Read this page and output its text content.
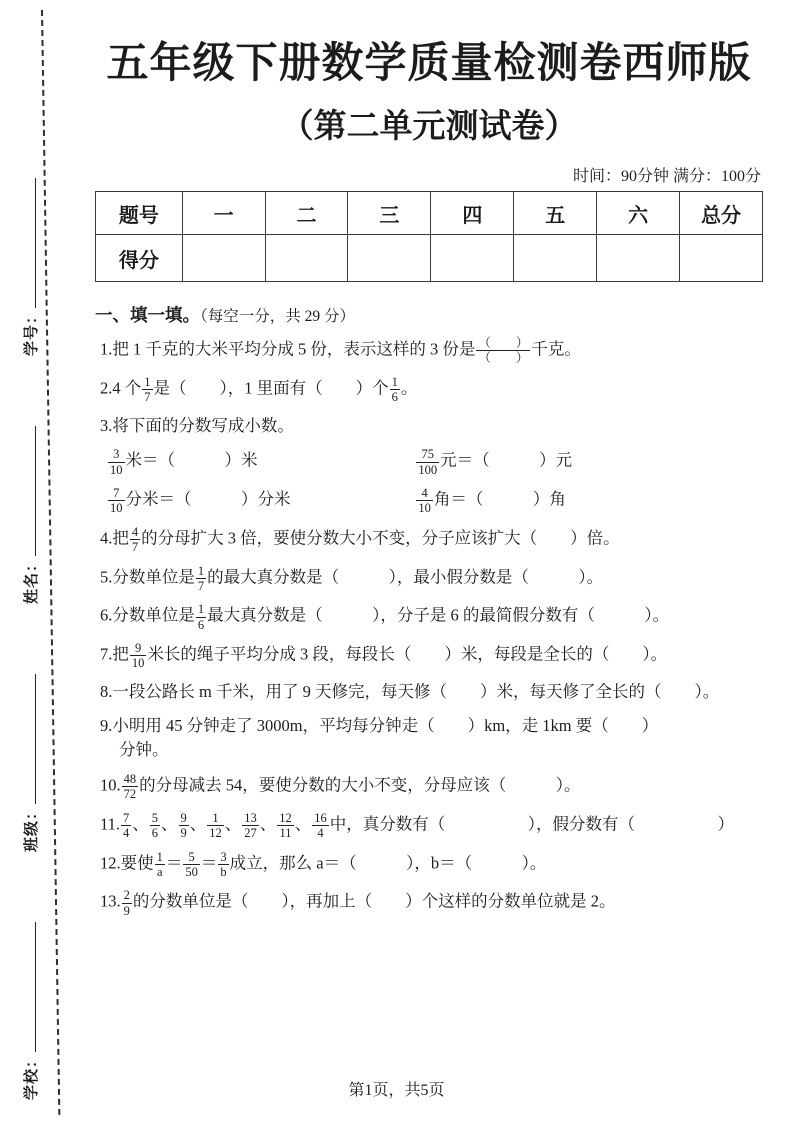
学校：
班级：
姓名：
学号：
五年级下册数学质量检测卷西师版
（第二单元测试卷）
时间：90分钟 满分：100分
题号	一	二	三	四	五	六	总分
得分							
一、填一填。（每空一分，共 29 分）
1.把 1 千克的大米平均分成 5 份，表示这样的 3 份是 $\frac{( )}{( )}$ 千克。
2.4 个 $\frac{1}{7}$ 是（　　），1 里面有（　　）个 $\frac{1}{6}$ 。
3.将下面的分数写成小数。
$\frac{3}{10}$ 米＝（　　　）米	$\frac{75}{100}$ 元＝（　　　）元
$\frac{7}{10}$ 分米＝（　　　）分米	$\frac{4}{10}$ 角＝（　　　）角
4.把 $\frac{4}{7}$ 的分母扩大 3 倍，要使分数大小不变，分子应该扩大（　　）倍。
5.分数单位是 $\frac{1}{7}$ 的最大真分数是（　　　），最小假分数是（　　　）。
6.分数单位是 $\frac{1}{6}$ 最大真分数是（　　　），分子是 6 的最简假分数有（　　　）。
7.把 $\frac{9}{10}$ 米长的绳子平均分成 3 段，每段长（　　）米，每段是全长的（　　）。
8.一段公路长 m 千米，用了 9 天修完，每天修（　　）米，每天修了全长的（　　）。
9.小明用 45 分钟走了 3000m，平均每分钟走（　　）km，走 1km 要（　　）
分钟。
10. $\frac{48}{72}$ 的分母减去 54，要使分数的大小不变，分母应该（　　　）。
11. $\frac{7}{4}$ 、 $\frac{5}{6}$ 、 $\frac{9}{9}$ 、 $\frac{1}{12}$ 、 $\frac{13}{27}$ 、 $\frac{12}{11}$ 、 $\frac{16}{4}$ 中，真分数有（　　　　　），假分数有（　　　　　）
12.要使 $\frac{1}{a} = \frac{5}{50} = \frac{3}{b}$ 成立，那么 a＝（　　　），b＝（　　　）。
13. $\frac{2}{9}$ 的分数单位是（　　），再加上（　　）个这样的分数单位就是 2。
第1页，共5页
